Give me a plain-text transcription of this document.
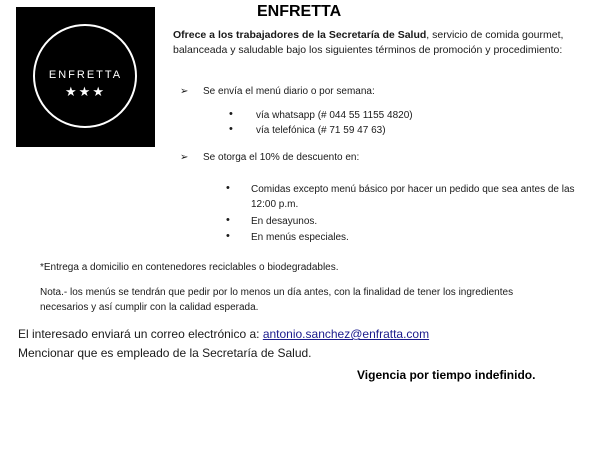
ENFRETTA
★★★
ENFRETTA
Ofrece a los trabajadores de la Secretaría de Salud, servicio de comida gourmet, balanceada y saludable bajo los siguientes términos de promoción y procedimiento:
➢ Se envía el menú diario o por semana:
• vía whatsapp (# 044 55 1155 4820)
• vía telefónica (# 71 59 47 63)
➢ Se otorga el 10% de descuento en:
• Comidas excepto menú básico por hacer un pedido que sea antes de las 12:00 p.m.
• En desayunos.
• En menús especiales.
*Entrega a domicilio en contenedores reciclables o biodegradables.
Nota.- los menús se tendrán que pedir por lo menos un día antes, con la finalidad de tener los ingredientes necesarios y así cumplir con la calidad esperada.
El interesado enviará un correo electrónico a: antonio.sanchez@enfratta.com
Mencionar que es empleado de la Secretaría de Salud.
Vigencia por tiempo indefinido.
